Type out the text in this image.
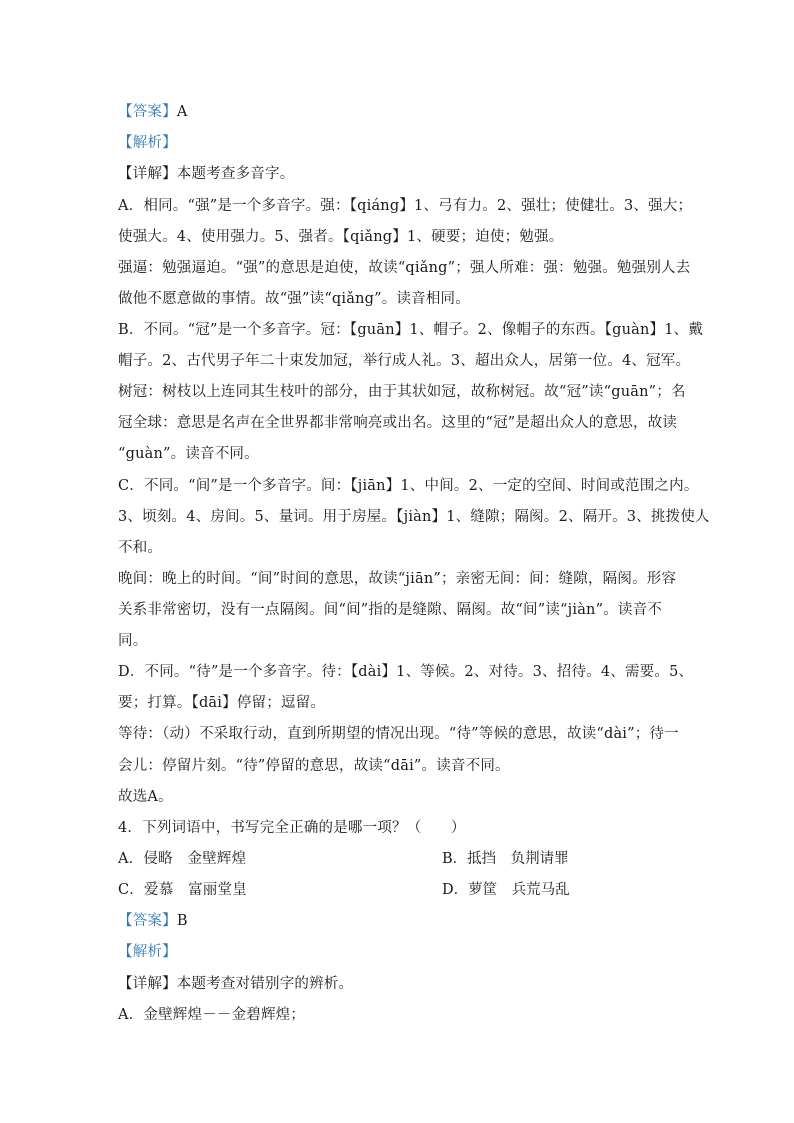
【答案】A
【解析】
【详解】本题考查多音字。
A．相同。“强”是一个多音字。强：【qiáng】1、弓有力。2、强壮；使健壮。3、强大；
使强大。4、使用强力。5、强者。【qiǎng】1、硬要；迫使；勉强。
强逼：勉强逼迫。“强”的意思是迫使，故读“qiǎng”；强人所难：强：勉强。勉强别人去
做他不愿意做的事情。故“强”读“qiǎng”。读音相同。
B．不同。“冠”是一个多音字。冠：【guān】1、帽子。2、像帽子的东西。【guàn】1、戴
帽子。2、古代男子年二十束发加冠，举行成人礼。3、超出众人，居第一位。4、冠军。
树冠：树枝以上连同其生枝叶的部分，由于其状如冠，故称树冠。故“冠”读“guān”；名
冠全球：意思是名声在全世界都非常响亮或出名。这里的“冠”是超出众人的意思，故读
“guàn”。读音不同。
C．不同。“间”是一个多音字。间：【jiān】1、中间。2、一定的空间、时间或范围之内。
3、顷刻。4、房间。5、量词。用于房屋。【jiàn】1、缝隙；隔阂。2、隔开。3、挑拨使人
不和。
晚间：晚上的时间。“间”时间的意思，故读“jiān”；亲密无间：间：缝隙，隔阂。形容
关系非常密切，没有一点隔阂。间“间”指的是缝隙、隔阂。故“间”读“jiàn”。读音不
同。
D．不同。“待”是一个多音字。待：【dài】1、等候。2、对待。3、招待。4、需要。5、
要；打算。【dāi】停留；逗留。
等待：（动）不采取行动，直到所期望的情况出现。“待”等候的意思，故读“dài”；待一
会儿：停留片刻。“待”停留的意思，故读“dāi”。读音不同。
故选A。
4．下列词语中，书写完全正确的是哪一项？（　　）
A．侵略　金壁辉煌	B．抵挡　负荆请罪
C．爱慕　富丽堂皇	D．萝筐　兵荒马乱
【答案】B
【解析】
【详解】本题考查对错别字的辨析。
A．金壁辉煌－－金碧辉煌；
